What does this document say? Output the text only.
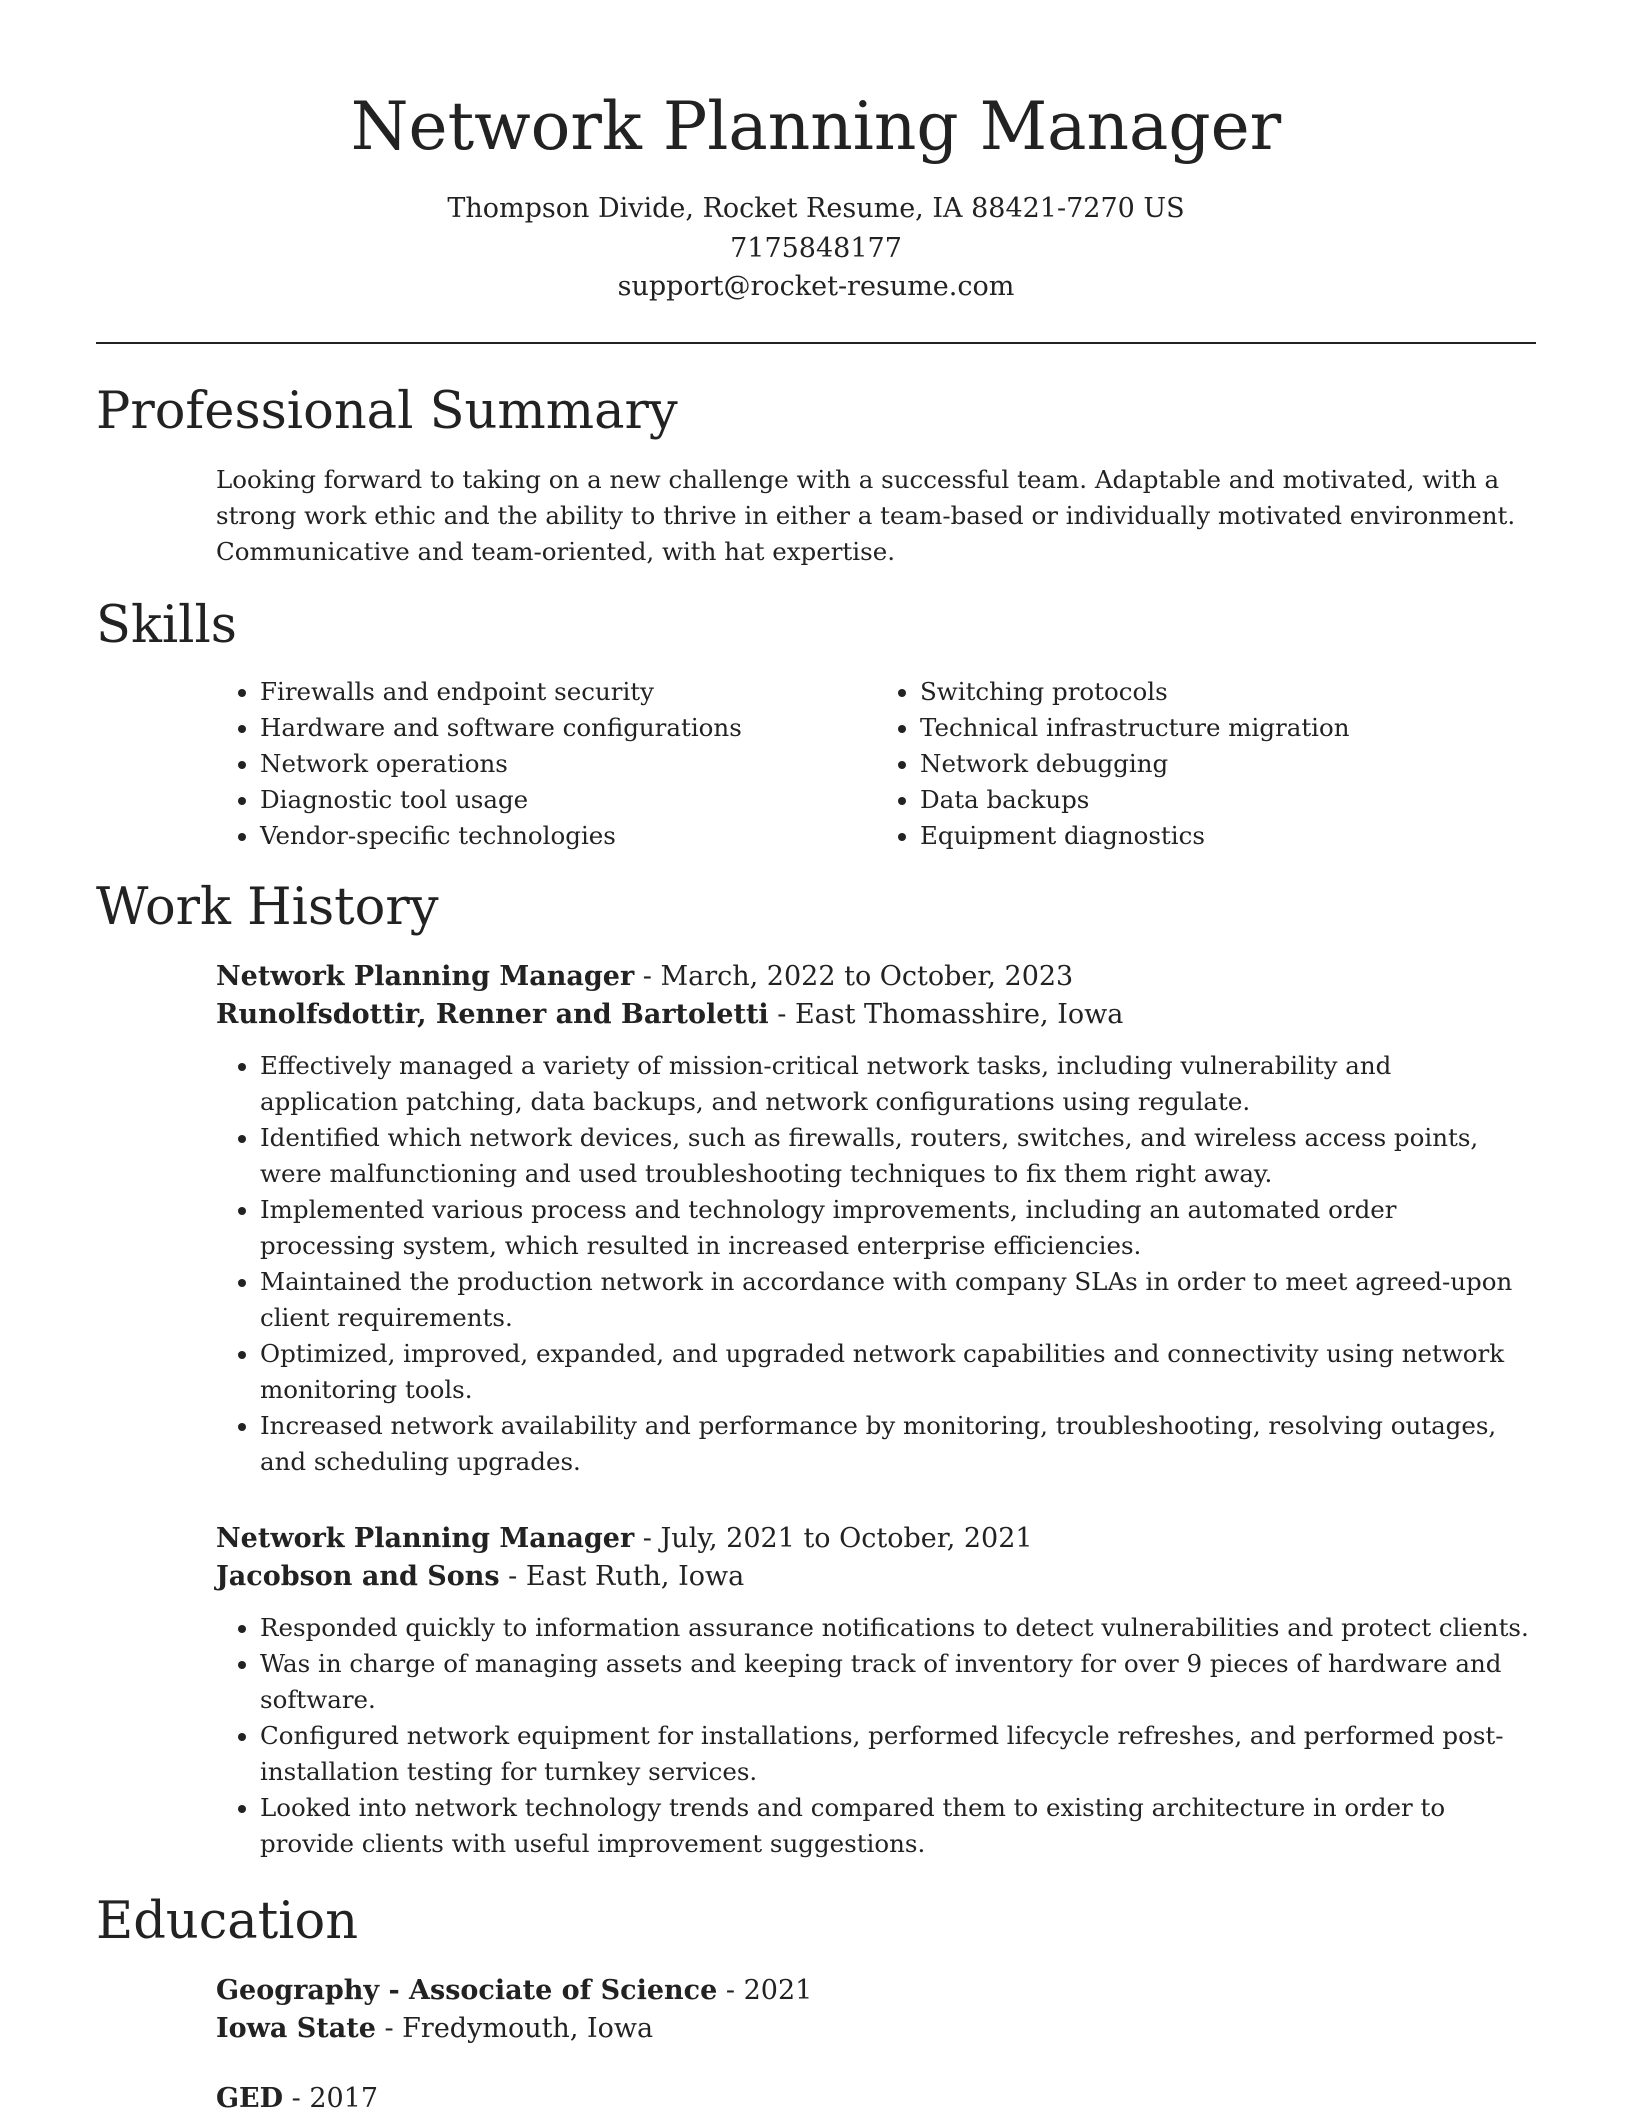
Network Planning Manager
Thompson Divide, Rocket Resume, IA 88421-7270 US
7175848177
support@rocket-resume.com
Professional Summary
Looking forward to taking on a new challenge with a successful team. Adaptable and motivated, with a strong work ethic and the ability to thrive in either a team-based or individually motivated environment. Communicative and team-oriented, with hat expertise.
Skills
• Firewalls and endpoint security
• Hardware and software configurations
• Network operations
• Diagnostic tool usage
• Vendor-specific technologies
• Switching protocols
• Technical infrastructure migration
• Network debugging
• Data backups
• Equipment diagnostics
Work History
Network Planning Manager - March, 2022 to October, 2023
Runolfsdottir, Renner and Bartoletti - East Thomasshire, Iowa
• Effectively managed a variety of mission-critical network tasks, including vulnerability and application patching, data backups, and network configurations using regulate.
• Identified which network devices, such as firewalls, routers, switches, and wireless access points, were malfunctioning and used troubleshooting techniques to fix them right away.
• Implemented various process and technology improvements, including an automated order processing system, which resulted in increased enterprise efficiencies.
• Maintained the production network in accordance with company SLAs in order to meet agreed-upon client requirements.
• Optimized, improved, expanded, and upgraded network capabilities and connectivity using network monitoring tools.
• Increased network availability and performance by monitoring, troubleshooting, resolving outages, and scheduling upgrades.
Network Planning Manager - July, 2021 to October, 2021
Jacobson and Sons - East Ruth, Iowa
• Responded quickly to information assurance notifications to detect vulnerabilities and protect clients.
• Was in charge of managing assets and keeping track of inventory for over 9 pieces of hardware and software.
• Configured network equipment for installations, performed lifecycle refreshes, and performed post-installation testing for turnkey services.
• Looked into network technology trends and compared them to existing architecture in order to provide clients with useful improvement suggestions.
Education
Geography - Associate of Science - 2021
Iowa State - Fredymouth, Iowa
GED - 2017
